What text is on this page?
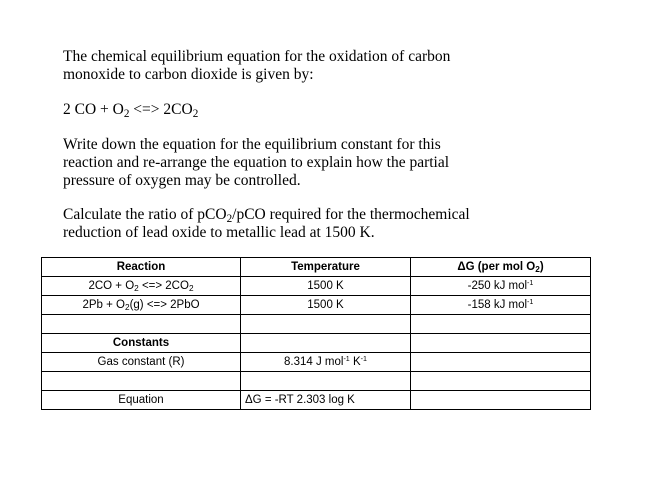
The chemical equilibrium equation for the oxidation of carbon
monoxide to carbon dioxide is given by:

2 CO + $O_2$ <=> $2CO_2$

Write down the equation for the equilibrium constant for this
reaction and re-arrange the equation to explain how the partial
pressure of oxygen may be controlled.

Calculate the ratio of pCO$_2$/pCO required for the thermochemical
reduction of lead oxide to metallic lead at 1500 K.

Reaction	Temperature	ΔG (per mol $O_2$)
$2CO + O_2$ <=> $2CO_2$	1500 K	-250 kJ mol$^{-1}$
$2Pb + O_2(g)$ <=> 2PbO	1500 K	-158 kJ mol$^{-1}$

Constants		
Gas constant (R)	8.314 J mol$^{-1}$ $K^{-1}$	

Equation	ΔG = -RT 2.303 log K	
